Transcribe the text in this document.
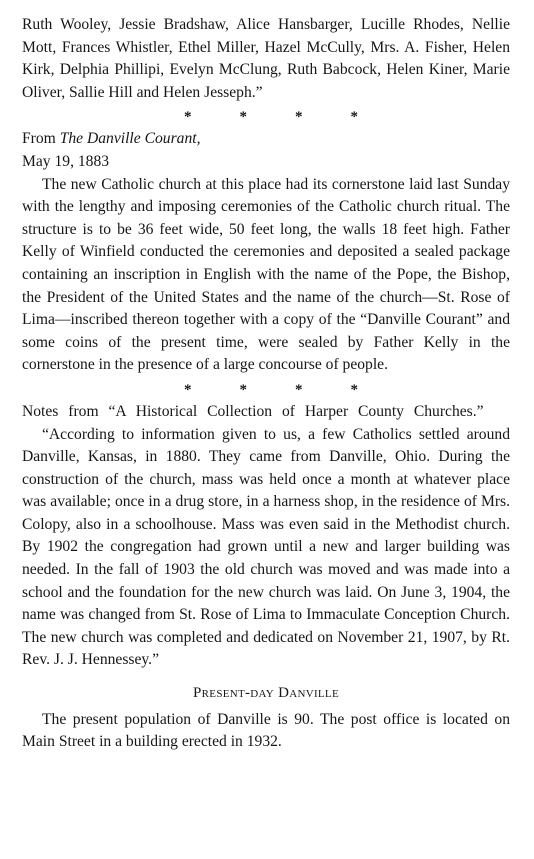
Ruth Wooley, Jessie Bradshaw, Alice Hansbarger, Lucille Rhodes, Nellie Mott, Frances Whistler, Ethel Miller, Hazel McCully, Mrs. A. Fisher, Helen Kirk, Delphia Phillipi, Evelyn McClung, Ruth Babcock, Helen Kiner, Marie Oliver, Sallie Hill and Helen Jesseph.”

*	*	*	*

From The Danville Courant,

May 19, 1883

The new Catholic church at this place had its cornerstone laid last Sunday with the lengthy and imposing ceremonies of the Catholic church ritual. The structure is to be 36 feet wide, 50 feet long, the walls 18 feet high. Father Kelly of Winfield conducted the ceremonies and deposited a sealed package containing an inscription in English with the name of the Pope, the Bishop, the President of the United States and the name of the church—St. Rose of Lima—inscribed thereon together with a copy of the “Danville Courant” and some coins of the present time, were sealed by Father Kelly in the cornerstone in the presence of a large concourse of people.

*	*	*	*

Notes from “A Historical Collection of Harper County Churches.”

“According to information given to us, a few Catholics settled around Danville, Kansas, in 1880. They came from Danville, Ohio. During the construction of the church, mass was held once a month at whatever place was available; once in a drug store, in a harness shop, in the residence of Mrs. Colopy, also in a schoolhouse. Mass was even said in the Methodist church. By 1902 the congregation had grown until a new and larger building was needed. In the fall of 1903 the old church was moved and was made into a school and the foundation for the new church was laid. On June 3, 1904, the name was changed from St. Rose of Lima to Immaculate Conception Church. The new church was completed and dedicated on November 21, 1907, by Rt. Rev. J. J. Hennessey.”

Present-day Danville

The present population of Danville is 90. The post office is located on Main Street in a building erected in 1932.
